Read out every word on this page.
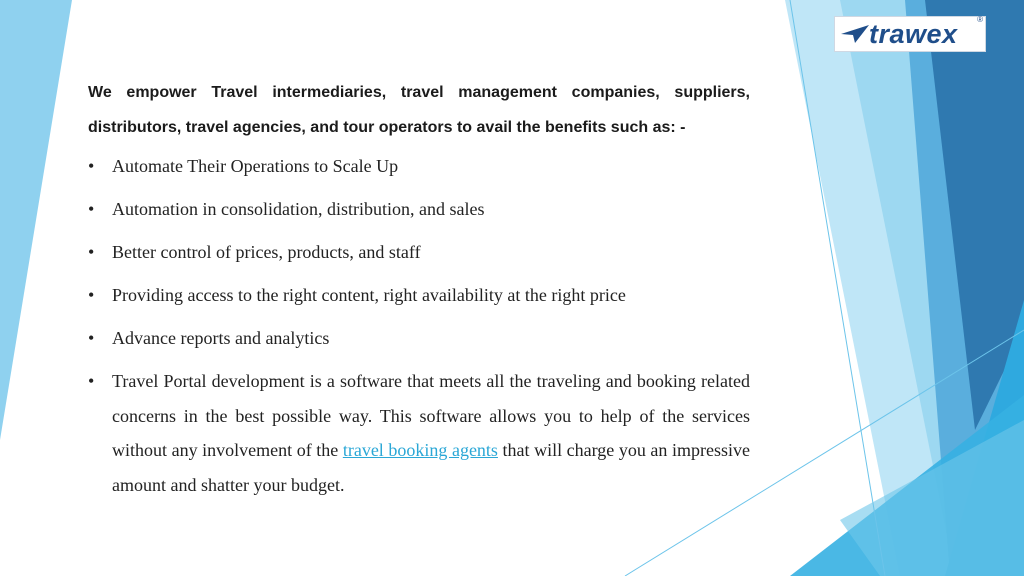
trawex ®

We empower Travel intermediaries, travel management companies, suppliers, distributors, travel agencies, and tour operators to avail the benefits such as: -

• Automate Their Operations to Scale Up
• Automation in consolidation, distribution, and sales
• Better control of prices, products, and staff
• Providing access to the right content, right availability at the right price
• Advance reports and analytics
• Travel Portal development is a software that meets all the traveling and booking related concerns in the best possible way. This software allows you to help of the services without any involvement of the travel booking agents that will charge you an impressive amount and shatter your budget.
